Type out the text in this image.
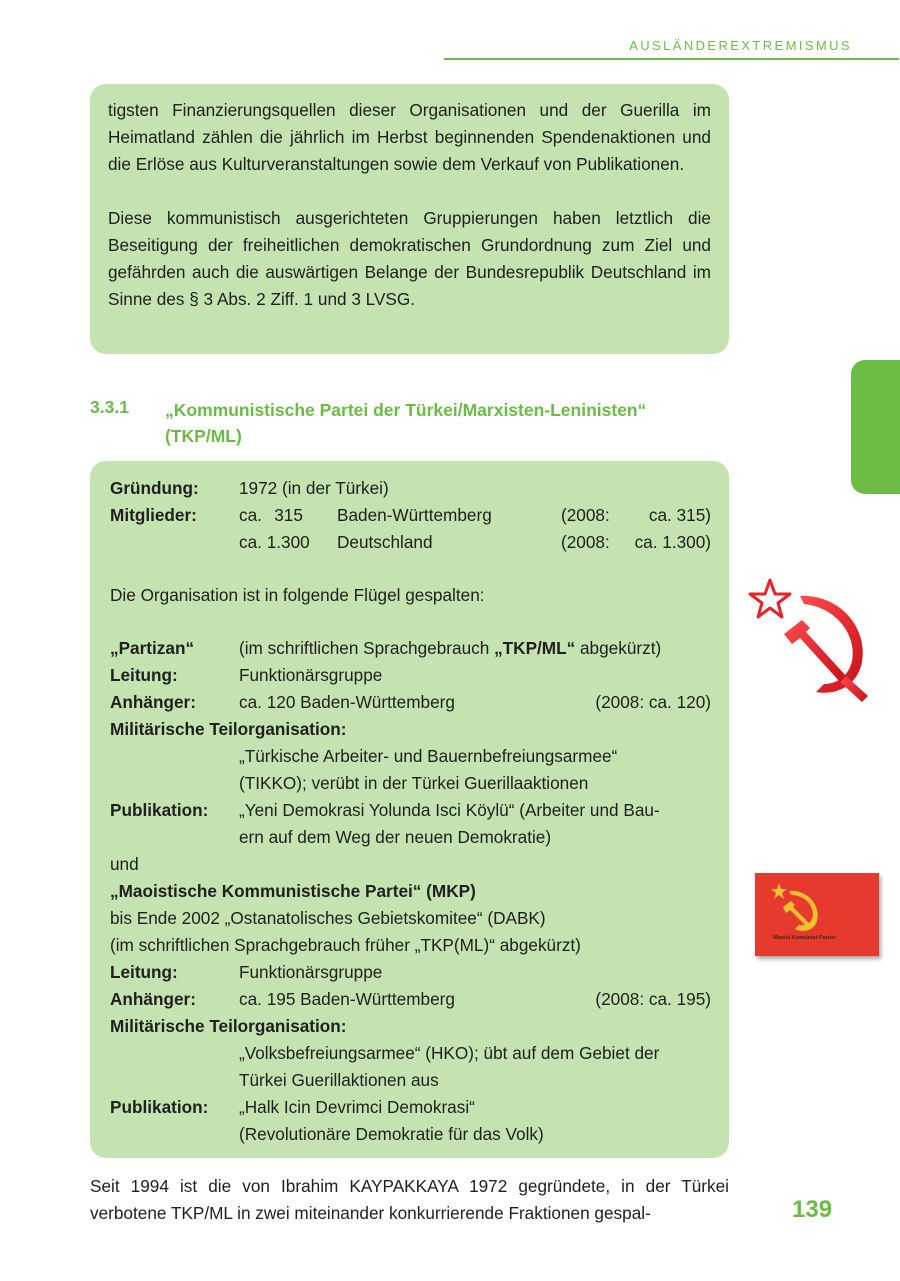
AUSLÄNDEREXTREMISMUS

tigsten Finanzierungsquellen dieser Organisationen und der Guerilla im Heimatland zählen die jährlich im Herbst beginnenden Spendenaktionen und die Erlöse aus Kulturveranstaltungen sowie dem Verkauf von Publikationen.

Diese kommunistisch ausgerichteten Gruppierungen haben letztlich die Beseitigung der freiheitlichen demokratischen Grundordnung zum Ziel und gefährden auch die auswärtigen Belange der Bundesrepublik Deutschland im Sinne des § 3 Abs. 2 Ziff. 1 und 3 LVSG.

3.3.1 „Kommunistische Partei der Türkei/Marxisten-Leninisten“ (TKP/ML)
Gründung:	1972 (in der Türkei)
Mitglieder:	ca. 315 Baden-Württemberg	(2008: ca. 315)
ca. 1.300 Deutschland	(2008: ca. 1.300)
Die Organisation ist in folgende Flügel gespalten:
„Partizan“	(im schriftlichen Sprachgebrauch „TKP/ML“ abgekürzt)
Leitung:	Funktionärsgruppe
Anhänger:	ca. 120 Baden-Württemberg	(2008: ca. 120)
Militärische Teilorganisation:
„Türkische Arbeiter- und Bauernbefreiungsarmee“
(TIKKO); verübt in der Türkei Guerillaaktionen
Publikation:	„Yeni Demokrasi Yolunda Isci Köylü“ (Arbeiter und Bau-
ern auf dem Weg der neuen Demokratie)
und
„Maoistische Kommunistische Partei“ (MKP)
bis Ende 2002 „Ostanatolisches Gebietskomitee“ (DABK)
(im schriftlichen Sprachgebrauch früher „TKP(ML)“ abgekürzt)
Leitung:	Funktionärsgruppe
Anhänger:	ca. 195 Baden-Württemberg	(2008: ca. 195)
Militärische Teilorganisation:
„Volksbefreiungsarmee“ (HKO); übt auf dem Gebiet der
Türkei Guerillaktionen aus
Publikation:	„Halk Icin Devrimci Demokrasi“
(Revolutionäre Demokratie für das Volk)
Seit 1994 ist die von Ibrahim KAYPAKKAYA 1972 gegründete, in der Türkei verbotene TKP/ML in zwei miteinander konkurrierende Fraktionen gespal-	139
Maoist Komünist Partisi
